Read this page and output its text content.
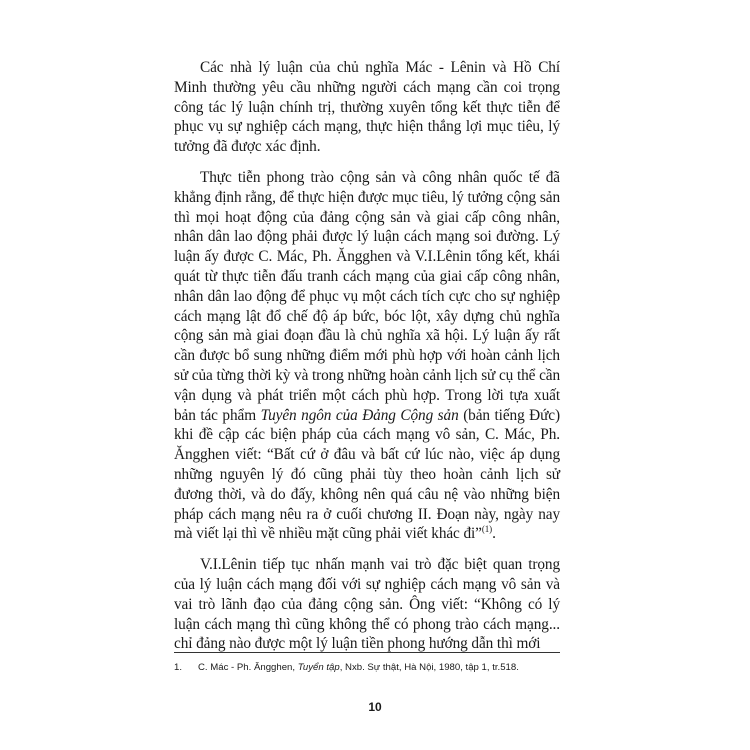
Các nhà lý luận của chủ nghĩa Mác - Lênin và Hồ Chí Minh thường yêu cầu những người cách mạng cần coi trọng công tác lý luận chính trị, thường xuyên tổng kết thực tiễn để phục vụ sự nghiệp cách mạng, thực hiện thắng lợi mục tiêu, lý tưởng đã được xác định.

Thực tiễn phong trào cộng sản và công nhân quốc tế đã khẳng định rằng, để thực hiện được mục tiêu, lý tưởng cộng sản thì mọi hoạt động của đảng cộng sản và giai cấp công nhân, nhân dân lao động phải được lý luận cách mạng soi đường. Lý luận ấy được C. Mác, Ph. Ăngghen và V.I.Lênin tổng kết, khái quát từ thực tiễn đấu tranh cách mạng của giai cấp công nhân, nhân dân lao động để phục vụ một cách tích cực cho sự nghiệp cách mạng lật đổ chế độ áp bức, bóc lột, xây dựng chủ nghĩa cộng sản mà giai đoạn đầu là chủ nghĩa xã hội. Lý luận ấy rất cần được bổ sung những điểm mới phù hợp với hoàn cảnh lịch sử của từng thời kỳ và trong những hoàn cảnh lịch sử cụ thể cần vận dụng và phát triển một cách phù hợp. Trong lời tựa xuất bản tác phẩm Tuyên ngôn của Đảng Cộng sản (bản tiếng Đức) khi đề cập các biện pháp của cách mạng vô sản, C. Mác, Ph. Ăngghen viết: “Bất cứ ở đâu và bất cứ lúc nào, việc áp dụng những nguyên lý đó cũng phải tùy theo hoàn cảnh lịch sử đương thời, và do đấy, không nên quá câu nệ vào những biện pháp cách mạng nêu ra ở cuối chương II. Đoạn này, ngày nay mà viết lại thì về nhiều mặt cũng phải viết khác đi”$^{(1)}$.

V.I.Lênin tiếp tục nhấn mạnh vai trò đặc biệt quan trọng của lý luận cách mạng đối với sự nghiệp cách mạng vô sản và vai trò lãnh đạo của đảng cộng sản. Ông viết: “Không có lý luận cách mạng thì cũng không thể có phong trào cách mạng... chỉ đảng nào được một lý luận tiền phong hướng dẫn thì mới

1. C. Mác - Ph. Ăngghen, Tuyển tập, Nxb. Sự thật, Hà Nội, 1980, tập 1, tr.518.
10
